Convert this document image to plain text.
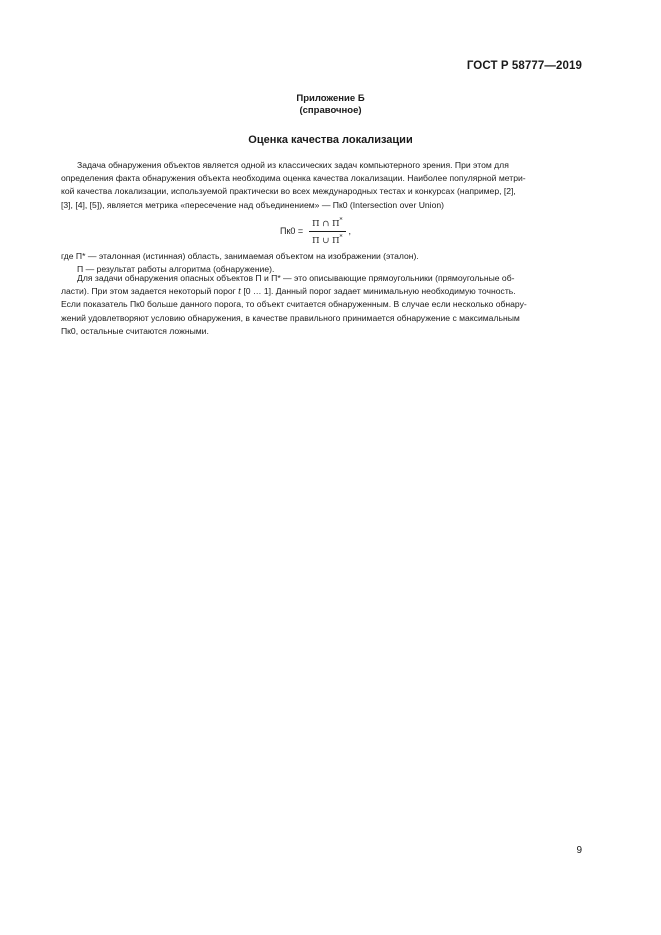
ГОСТ Р 58777—2019
Приложение Б
(справочное)
Оценка качества локализации
Задача обнаружения объектов является одной из классических задач компьютерного зрения. При этом для
определения факта обнаружения объекта необходима оценка качества локализации. Наиболее популярной метри-
кой качества локализации, используемой практически во всех международных тестах и конкурсах (например, [2],
[3], [4], [5]), является метрика «пересечение над объединением» — Пк0 (Intersection over Union)
$Пк0 = \frac{П \cap П^*}{П \cup П^*}$ ,
где П* — эталонная (истинная) область, занимаемая объектом на изображении (эталон).
П — результат работы алгоритма (обнаружение).
Для задачи обнаружения опасных объектов П и П* — это описывающие прямоугольники (прямоугольные об-
ласти). При этом задается некоторый порог t [0 … 1]. Данный порог задает минимальную необходимую точность.
Если показатель Пк0 больше данного порога, то объект считается обнаруженным. В случае если несколько обнару-
жений удовлетворяют условию обнаружения, в качестве правильного принимается обнаружение с максимальным
Пк0, остальные считаются ложными.
9
